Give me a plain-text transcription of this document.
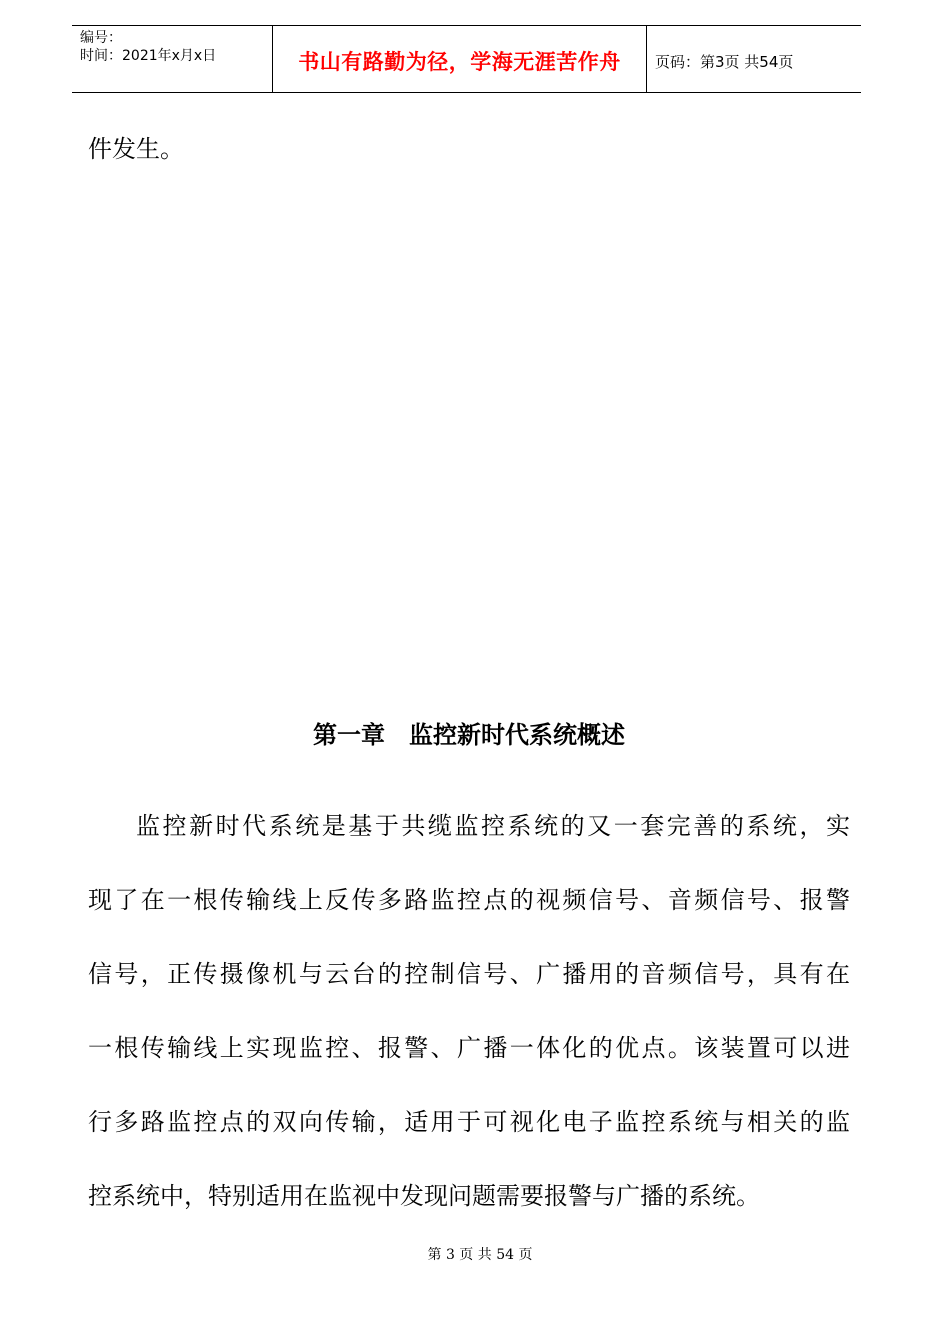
编号：
时间：2021年x月x日	书山有路勤为径，学海无涯苦作舟	页码：第3页 共54页

件发生。

第一章　监控新时代系统概述
监控新时代系统是基于共缆监控系统的又一套完善的系统，实
现了在一根传输线上反传多路监控点的视频信号、音频信号、报警
信号，正传摄像机与云台的控制信号、广播用的音频信号，具有在
一根传输线上实现监控、报警、广播一体化的优点。该装置可以进
行多路监控点的双向传输，适用于可视化电子监控系统与相关的监
控系统中，特别适用在监视中发现问题需要报警与广播的系统。
第 3 页 共 54 页
